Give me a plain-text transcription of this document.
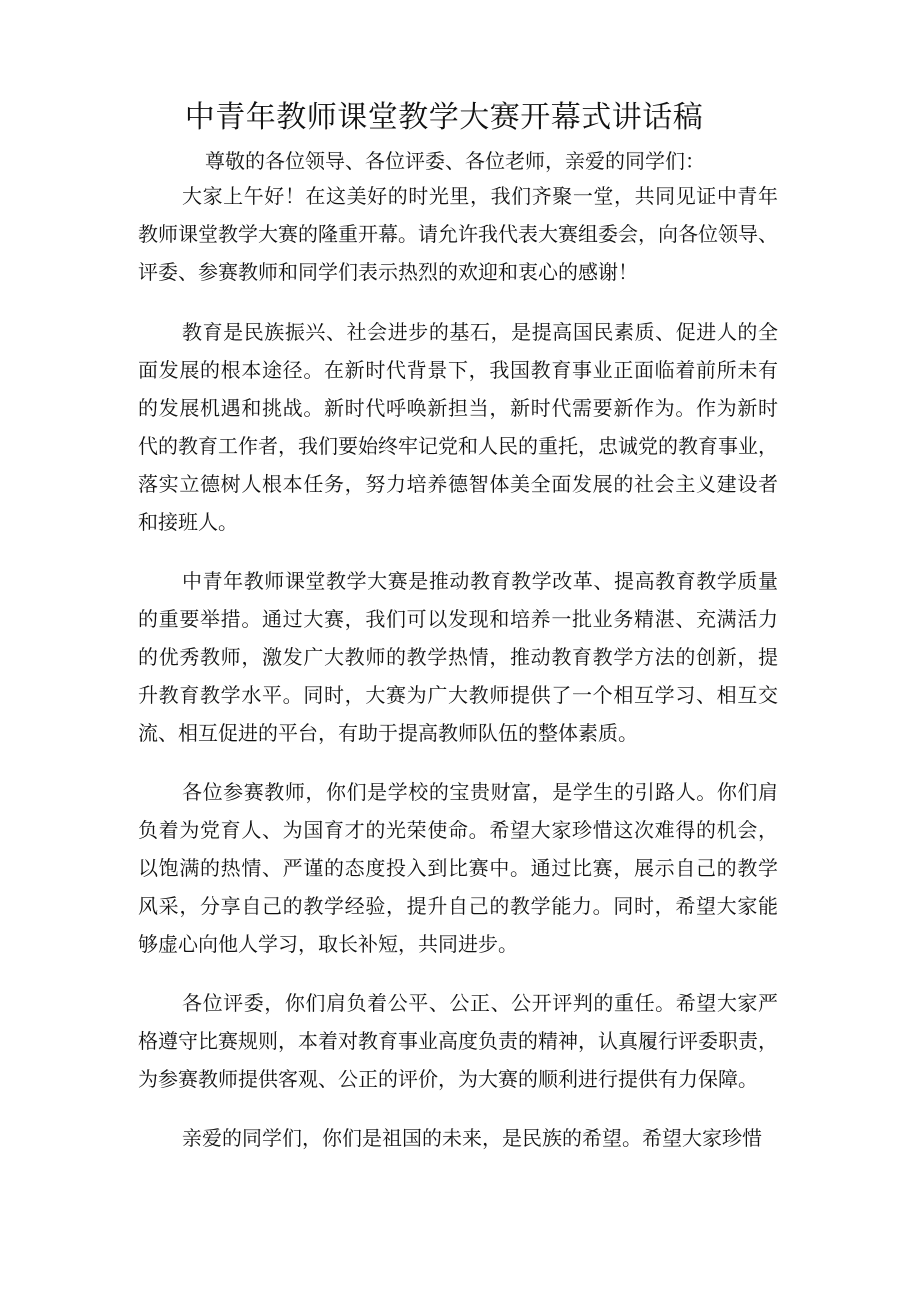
中青年教师课堂教学大赛开幕式讲话稿

尊敬的各位领导、各位评委、各位老师，亲爱的同学们：

大家上午好！在这美好的时光里，我们齐聚一堂，共同见证中青年
教师课堂教学大赛的隆重开幕。请允许我代表大赛组委会，向各位领导、
评委、参赛教师和同学们表示热烈的欢迎和衷心的感谢！
教育是民族振兴、社会进步的基石，是提高国民素质、促进人的全
面发展的根本途径。在新时代背景下，我国教育事业正面临着前所未有
的发展机遇和挑战。新时代呼唤新担当，新时代需要新作为。作为新时
代的教育工作者，我们要始终牢记党和人民的重托，忠诚党的教育事业，
落实立德树人根本任务，努力培养德智体美全面发展的社会主义建设者
和接班人。
中青年教师课堂教学大赛是推动教育教学改革、提高教育教学质量
的重要举措。通过大赛，我们可以发现和培养一批业务精湛、充满活力
的优秀教师，激发广大教师的教学热情，推动教育教学方法的创新，提
升教育教学水平。同时，大赛为广大教师提供了一个相互学习、相互交
流、相互促进的平台，有助于提高教师队伍的整体素质。
各位参赛教师，你们是学校的宝贵财富，是学生的引路人。你们肩
负着为党育人、为国育才的光荣使命。希望大家珍惜这次难得的机会，
以饱满的热情、严谨的态度投入到比赛中。通过比赛，展示自己的教学
风采，分享自己的教学经验，提升自己的教学能力。同时，希望大家能
够虚心向他人学习，取长补短，共同进步。
各位评委，你们肩负着公平、公正、公开评判的重任。希望大家严
格遵守比赛规则，本着对教育事业高度负责的精神，认真履行评委职责，
为参赛教师提供客观、公正的评价，为大赛的顺利进行提供有力保障。
亲爱的同学们，你们是祖国的未来，是民族的希望。希望大家珍惜
